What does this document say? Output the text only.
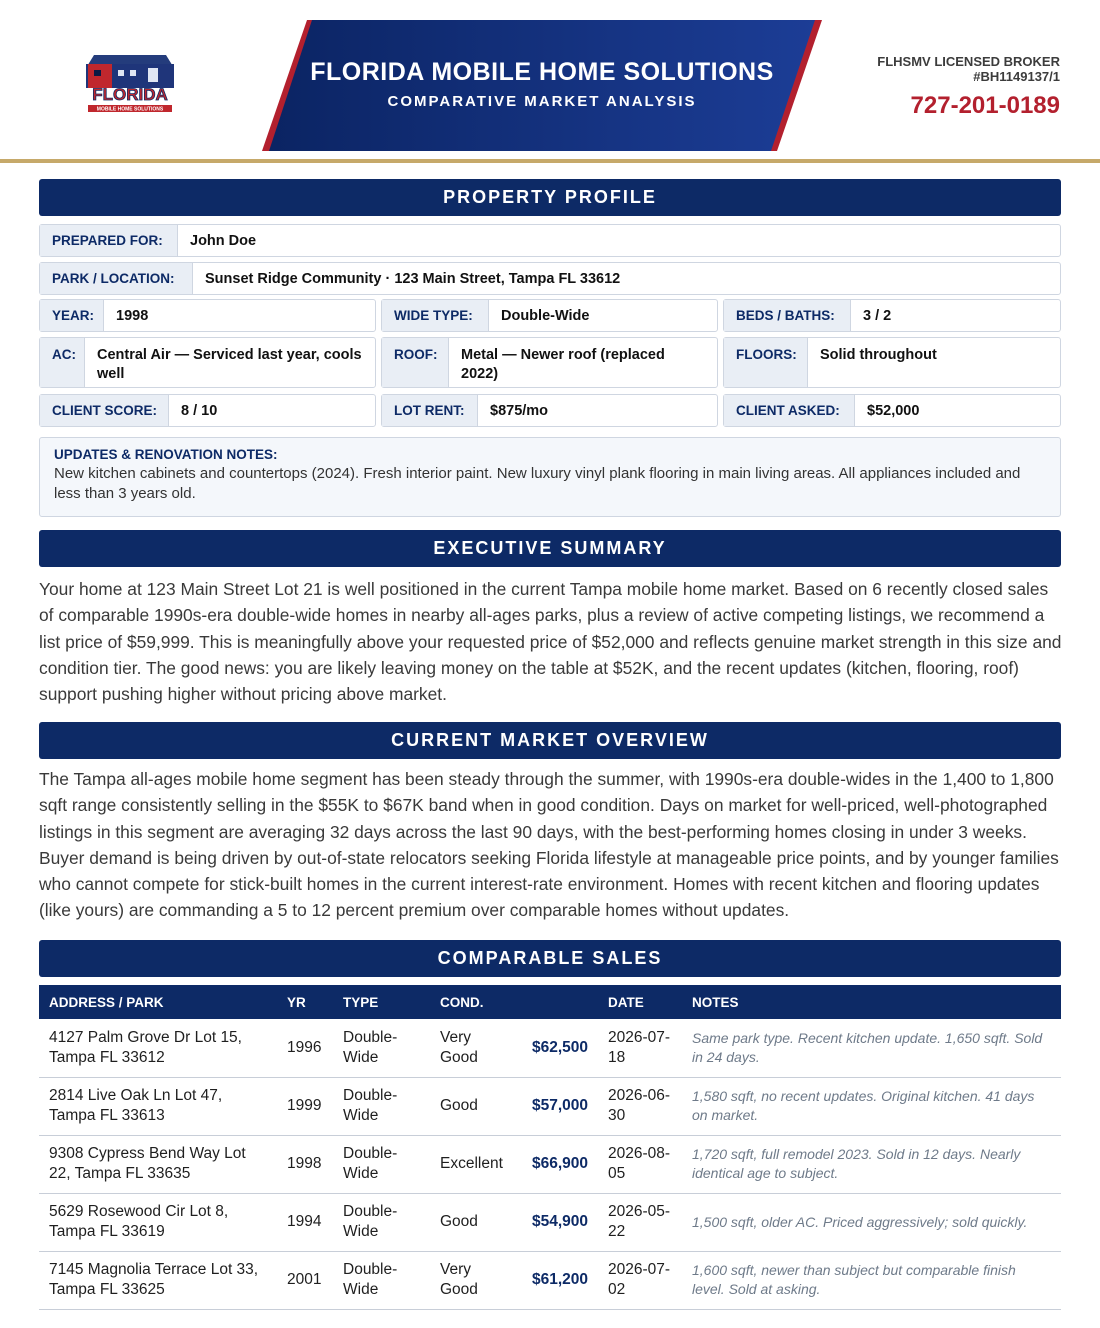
FLORIDA
MOBILE HOME SOLUTIONS
FLORIDA MOBILE HOME SOLUTIONS
COMPARATIVE MARKET ANALYSIS
FLHSMV LICENSED BROKER
#BH1149137/1
727-201-0189
PROPERTY PROFILE
PREPARED FOR:	John Doe
PARK / LOCATION:	Sunset Ridge Community · 123 Main Street, Tampa FL 33612
YEAR:	1998	WIDE TYPE:	Double-Wide	BEDS / BATHS:	3 / 2
AC:	Central Air — Serviced last year, cools well
ROOF:	Metal — Newer roof (replaced 2022)
FLOORS:	Solid throughout
CLIENT SCORE:	8 / 10	LOT RENT:	$875/mo	CLIENT ASKED:	$52,000
UPDATES & RENOVATION NOTES:
New kitchen cabinets and countertops (2024). Fresh interior paint. New luxury vinyl plank flooring in main living areas. All appliances included and less than 3 years old.
EXECUTIVE SUMMARY
Your home at 123 Main Street Lot 21 is well positioned in the current Tampa mobile home market. Based on 6 recently closed sales of comparable 1990s-era double-wide homes in nearby all-ages parks, plus a review of active competing listings, we recommend a list price of $59,999. This is meaningfully above your requested price of $52,000 and reflects genuine market strength in this size and condition tier. The good news: you are likely leaving money on the table at $52K, and the recent updates (kitchen, flooring, roof) support pushing higher without pricing above market.
CURRENT MARKET OVERVIEW
The Tampa all-ages mobile home segment has been steady through the summer, with 1990s-era double-wides in the 1,400 to 1,800 sqft range consistently selling in the $55K to $67K band when in good condition. Days on market for well-priced, well-photographed listings in this segment are averaging 32 days across the last 90 days, with the best-performing homes closing in under 3 weeks. Buyer demand is being driven by out-of-state relocators seeking Florida lifestyle at manageable price points, and by younger families who cannot compete for stick-built homes in the current interest-rate environment. Homes with recent kitchen and flooring updates (like yours) are commanding a 5 to 12 percent premium over comparable homes without updates.
COMPARABLE SALES
ADDRESS / PARK	YR	TYPE	COND.		DATE	NOTES
4127 Palm Grove Dr Lot 15, Tampa FL 33612	1996	Double-Wide	Very Good	$62,500	2026-07-18	Same park type. Recent kitchen update. 1,650 sqft. Sold in 24 days.
2814 Live Oak Ln Lot 47, Tampa FL 33613	1999	Double-Wide	Good	$57,000	2026-06-30	1,580 sqft, no recent updates. Original kitchen. 41 days on market.
9308 Cypress Bend Way Lot 22, Tampa FL 33635	1998	Double-Wide	Excellent	$66,900	2026-08-05	1,720 sqft, full remodel 2023. Sold in 12 days. Nearly identical age to subject.
5629 Rosewood Cir Lot 8, Tampa FL 33619	1994	Double-Wide	Good	$54,900	2026-05-22	1,500 sqft, older AC. Priced aggressively; sold quickly.
7145 Magnolia Terrace Lot 33, Tampa FL 33625	2001	Double-Wide	Very Good	$61,200	2026-07-02	1,600 sqft, newer than subject but comparable finish level. Sold at asking.
